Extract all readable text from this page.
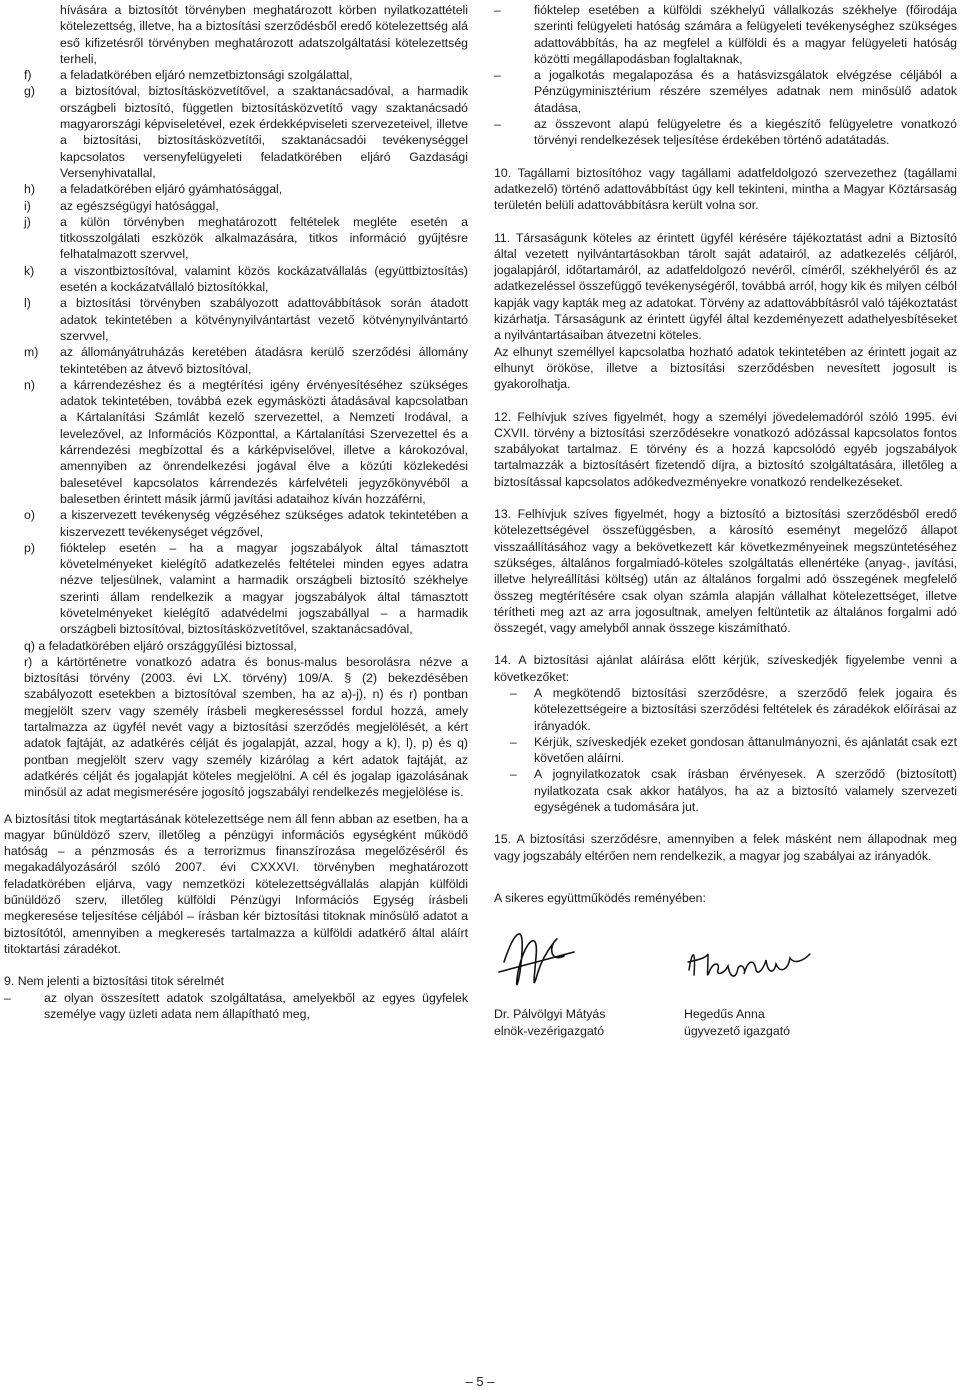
hívására a biztosítót törvényben meghatározott körben nyilatkozattételi kötelezettség, illetve, ha a biztosítási szerződésből eredő kötelezettség alá eső kifizetésről törvényben meghatározott adatszolgáltatási kötelezettség terheli,

f)	a feladatkörében eljáró nemzetbiztonsági szolgálattal,
g)	a biztosítóval, biztosításközvetítővel, a szaktanácsadóval, a harmadik országbeli biztosító, független biztosításközvetítő vagy szaktanácsadó magyarországi képviseletével, ezek érdekképviseleti szervezeteivel, illetve a biztosítási, biztosításközvetítői, szaktanácsadói tevékenységgel kapcsolatos versenyfelügyeleti feladatkörében eljáró Gazdasági Versenyhivatallal,
h)	a feladatkörében eljáró gyámhatósággal,
i)	az egészségügyi hatósággal,
j)	a külön törvényben meghatározott feltételek megléte esetén a titkosszolgálati eszközök alkalmazására, titkos információ gyűjtésre felhatalmazott szervvel,
k)	a viszontbiztosítóval, valamint közös kockázatvállalás (együttbiztosítás) esetén a kockázatvállaló biztosítókkal,
l)	a biztosítási törvényben szabályozott adattovábbítások során átadott adatok tekintetében a kötvénynyilvántartást vezető kötvénynyilvántartó szervvel,
m)	az állományátruházás keretében átadásra kerülő szerződési állomány tekintetében az átvevő biztosítóval,
n)	a kárrendezéshez és a megtérítési igény érvényesítéséhez szükséges adatok tekintetében, továbbá ezek egymásközti átadásával kapcsolatban a Kártalanítási Számlát kezelő szervezettel, a Nemzeti Irodával, a levelezővel, az Információs Központtal, a Kártalanítási Szervezettel és a kárrendezési megbízottal és a kárképviselővel, illetve a károkozóval, amennyiben az önrendelkezési jogával élve a közúti közlekedési balesetével kapcsolatos kárrendezés kárfelvételi jegyzőkönyvéből a balesetben érintett másik jármű javítási adataihoz kíván hozzáférni,
o)	a kiszervezett tevékenység végzéséhez szükséges adatok tekintetében a kiszervezett tevékenységet végzővel,
p)	fióktelep esetén – ha a magyar jogszabályok által támasztott követelményeket kielégítő adatkezelés feltételei minden egyes adatra nézve teljesülnek, valamint a harmadik országbeli biztosító székhelye szerinti állam rendelkezik a magyar jogszabályok által támasztott követelményeket kielégítő adatvédelmi jogszabállyal – a harmadik országbeli biztosítóval, biztosításközvetítővel, szaktanácsadóval,

q) a feladatkörében eljáró országgyűlési biztossal,

r) a kártörténetre vonatkozó adatra és bonus-malus besorolásra nézve a biztosítási törvény (2003. évi LX. törvény) 109/A. § (2) bekezdésében szabályozott esetekben a biztosítóval szemben, ha az a)-j), n) és r) pontban megjelölt szerv vagy személy írásbeli megkeresésssel fordul hozzá, amely tartalmazza az ügyfél nevét vagy a biztosítási szerződés megjelölését, a kért adatok fajtáját, az adatkérés célját és jogalapját, azzal, hogy a k), l), p) és q) pontban megjelölt szerv vagy személy kizárólag a kért adatok fajtáját, az adatkérés célját és jogalapját köteles megjelölni. A cél és jogalap igazolásának minősül az adat megismerésére jogosító jogszabályi rendelkezés megjelölése is.

A biztosítási titok megtartásának kötelezettsége nem áll fenn abban az esetben, ha a magyar bűnüldöző szerv, illetőleg a pénzügyi információs egységként működő hatóság – a pénzmosás és a terrorizmus finanszírozása megelőzéséről és megakadályozásáról szóló 2007. évi CXXXVI. törvényben meghatározott feladatkörében eljárva, vagy nemzetközi kötelezettségvállalás alapján külföldi bűnüldöző szerv, illetőleg külföldi Pénzügyi Információs Egység írásbeli megkeresése teljesítése céljából – írásban kér biztosítási titoknak minősülő adatot a biztosítótól, amennyiben a megkeresés tartalmazza a külföldi adatkérő által aláírt titoktartási záradékot.

9. Nem jelenti a biztosítási titok sérelmét

–	az olyan összesített adatok szolgáltatása, amelyekből az egyes ügyfelek személye vagy üzleti adata nem állapítható meg,
–	fióktelep esetében a külföldi székhelyű vállalkozás székhelye (főirodája szerinti felügyeleti hatóság számára a felügyeleti tevékenységhez szükséges adattovábbítás, ha az megfelel a külföldi és a magyar felügyeleti hatóság közötti megállapodásban foglaltaknak,
–	a jogalkotás megalapozása és a hatásvizsgálatok elvégzése céljából a Pénzügyminisztérium részére személyes adatnak nem minősülő adatok átadása,
–	az összevont alapú felügyeletre és a kiegészítő felügyeletre vonatkozó törvényi rendelkezések teljesítése érdekében történő adatátadás.

10. Tagállami biztosítóhoz vagy tagállami adatfeldolgozó szervezethez (tagállami adatkezelő) történő adattovábbítást úgy kell tekinteni, mintha a Magyar Köztársaság területén belüli adattovábbításra került volna sor.

11. Társaságunk köteles az érintett ügyfél kérésére tájékoztatást adni a Biztosító által vezetett nyilvántartásokban tárolt saját adatairól, az adatkezelés céljáról, jogalapjáról, időtartamáról, az adatfeldolgozó nevéről, címéről, székhelyéről és az adatkezeléssel összefüggő tevékenységéről, továbbá arról, hogy kik és milyen célból kapják vagy kapták meg az adatokat. Törvény az adattovábbításról való tájékoztatást kizárhatja. Társaságunk az érintett ügyfél által kezdeményezett adathelyesbítéseket a nyilvántartásaiban átvezetni köteles.

Az elhunyt személlyel kapcsolatba hozható adatok tekintetében az érintett jogait az elhunyt örököse, illetve a biztosítási szerződésben nevesített jogosult is gyakorolhatja.

12. Felhívjuk szíves figyelmét, hogy a személyi jövedelemadóról szóló 1995. évi CXVII. törvény a biztosítási szerződésekre vonatkozó adózással kapcsolatos fontos szabályokat tartalmaz. E törvény és a hozzá kapcsolódó egyéb jogszabályok tartalmazzák a biztosításért fizetendő díjra, a biztosító szolgáltatására, illetőleg a biztosítással kapcsolatos adókedvezményekre vonatkozó rendelkezéseket.

13. Felhívjuk szíves figyelmét, hogy a biztosító a biztosítási szerződésből eredő kötelezettségével összefüggésben, a károsító eseményt megelőző állapot visszaállításához vagy a bekövetkezett kár következményeinek megszüntetéséhez szükséges, általános forgalmiadó-köteles szolgáltatás ellenértéke (anyag-, javítási, illetve helyreállítási költség) után az általános forgalmi adó összegének megfelelő összeg megtérítésére csak olyan számla alapján vállalhat kötelezettséget, illetve térítheti meg azt az arra jogosultnak, amelyen feltüntetik az általános forgalmi adó összegét, vagy amelyből annak összege kiszámítható.

14. A biztosítási ajánlat aláírása előtt kérjük, szíveskedjék figyelembe venni a következőket:

–	A megkötendő biztosítási szerződésre, a szerződő felek jogaira és kötelezettségeire a biztosítási szerződési feltételek és záradékok előírásai az irányadók.
–	Kérjük, szíveskedjék ezeket gondosan áttanulmányozni, és ajánlatát csak ezt követően aláírni.
–	A jognyilatkozatok csak írásban érvényesek. A szerződő (biztosított) nyilatkozata csak akkor hatályos, ha az a biztosító valamely szervezeti egységének a tudomására jut.

15. A biztosítási szerződésre, amennyiben a felek másként nem állapodnak meg vagy jogszabály eltérően nem rendelkezik, a magyar jog szabályai az irányadók.

A sikeres együttműködés reményében:

Dr. Pálvölgyi Mátyás
elnök-vezérigazgató
Hegedűs Anna
ügyvezető igazgató
– 5 –
